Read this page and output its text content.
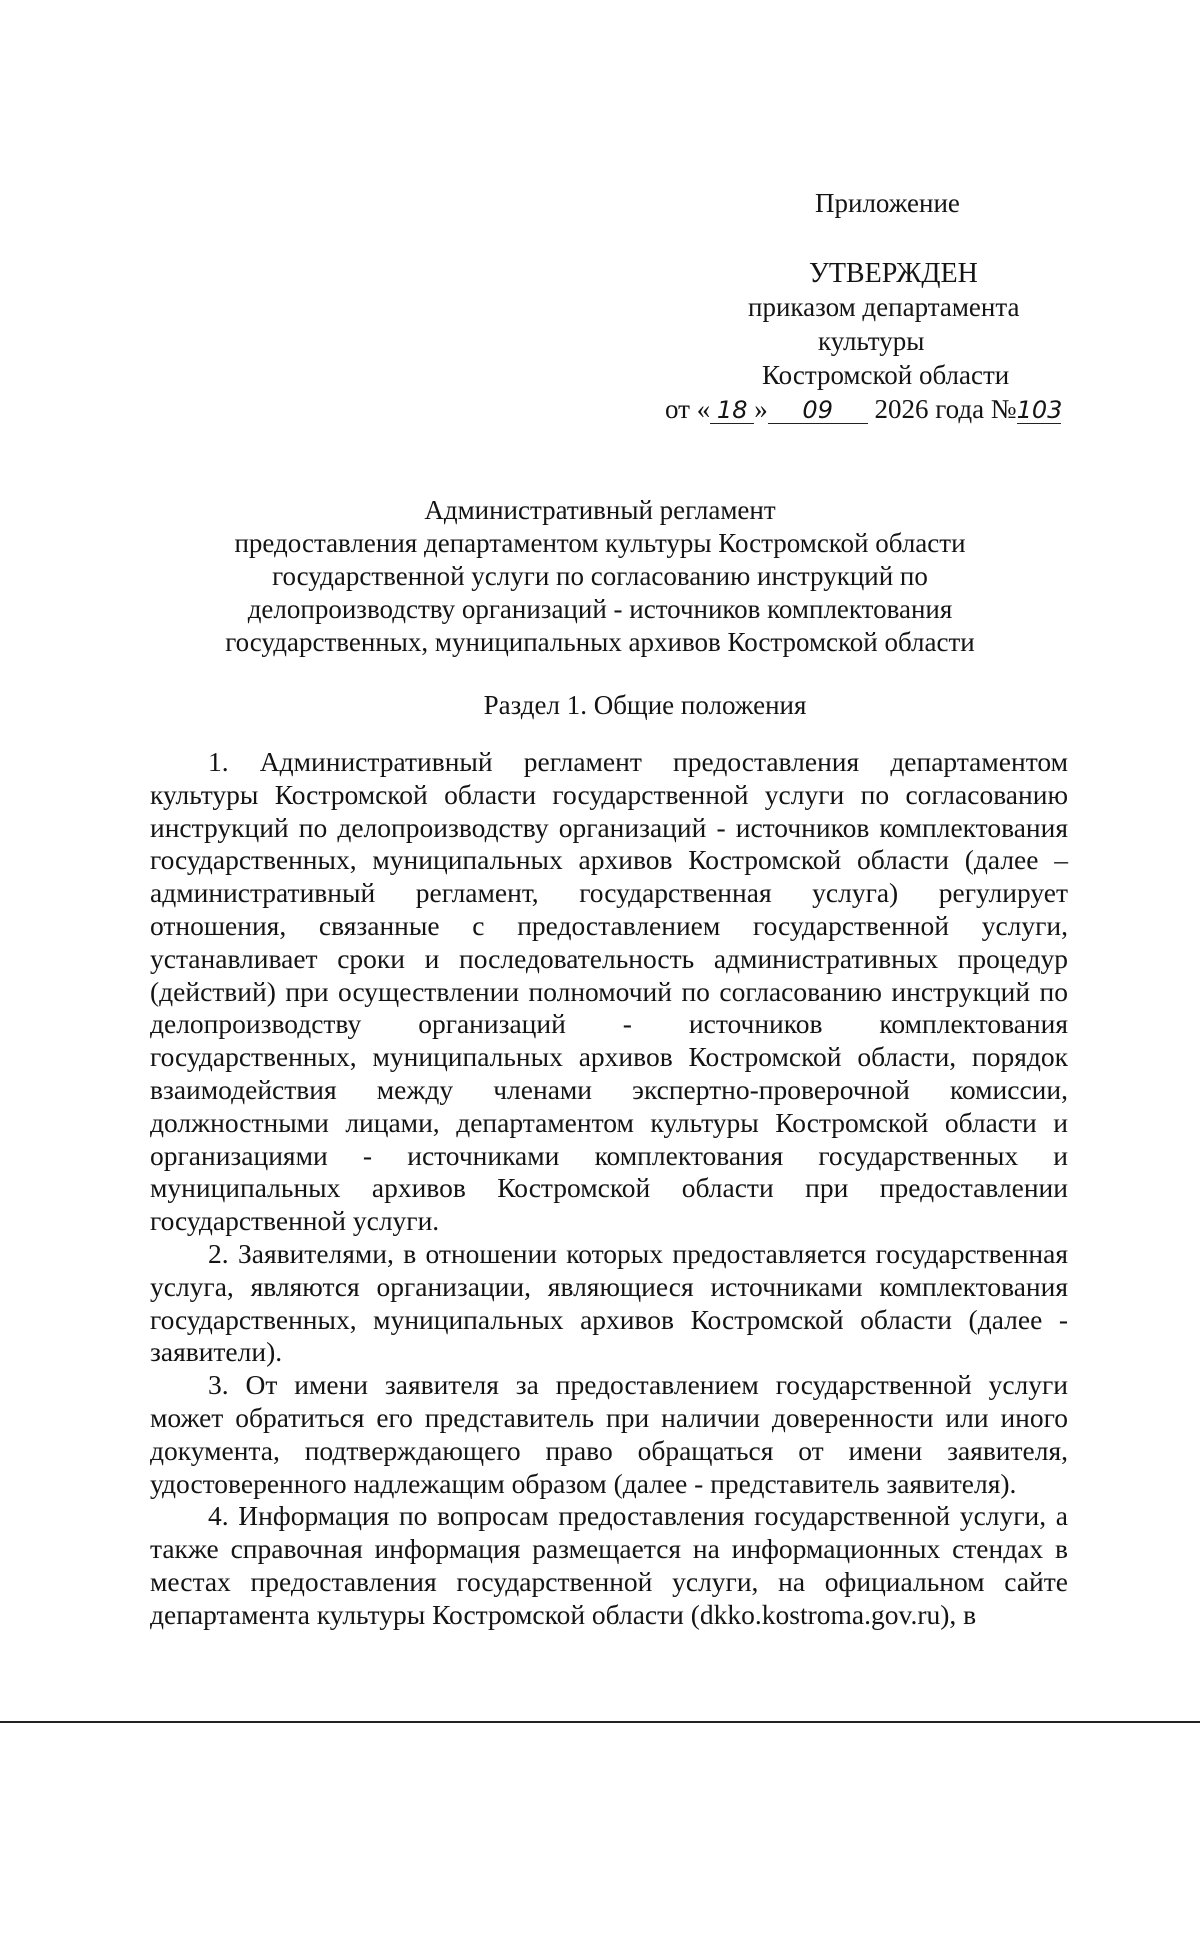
Приложение
УТВЕРЖДЕН
приказом департамента
культуры
Костромской области
от « 18 » 09 2026 года №103
Административный регламент
предоставления департаментом культуры Костромской области
государственной услуги по согласованию инструкций по
делопроизводству организаций - источников комплектования
государственных, муниципальных архивов Костромской области
Раздел 1. Общие положения

1. Административный регламент предоставления департаментом культуры Костромской области государственной услуги по согласованию инструкций по делопроизводству организаций - источников комплектования государственных, муниципальных архивов Костромской области (далее – административный регламент, государственная услуга) регулирует отношения, связанные с предоставлением государственной услуги, устанавливает сроки и последовательность административных процедур (действий) при осуществлении полномочий по согласованию инструкций по делопроизводству организаций - источников комплектования государственных, муниципальных архивов Костромской области, порядок взаимодействия между членами экспертно-проверочной комиссии, должностными лицами, департаментом культуры Костромской области и организациями - источниками комплектования государственных и муниципальных архивов Костромской области при предоставлении государственной услуги.

2. Заявителями, в отношении которых предоставляется государственная услуга, являются организации, являющиеся источниками комплектования государственных, муниципальных архивов Костромской области (далее - заявители).

3. От имени заявителя за предоставлением государственной услуги может обратиться его представитель при наличии доверенности или иного документа, подтверждающего право обращаться от имени заявителя, удостоверенного надлежащим образом (далее - представитель заявителя).

4. Информация по вопросам предоставления государственной услуги, а также справочная информация размещается на информационных стендах в местах предоставления государственной услуги, на официальном сайте департамента культуры Костромской области (dkko.kostroma.gov.ru), в
